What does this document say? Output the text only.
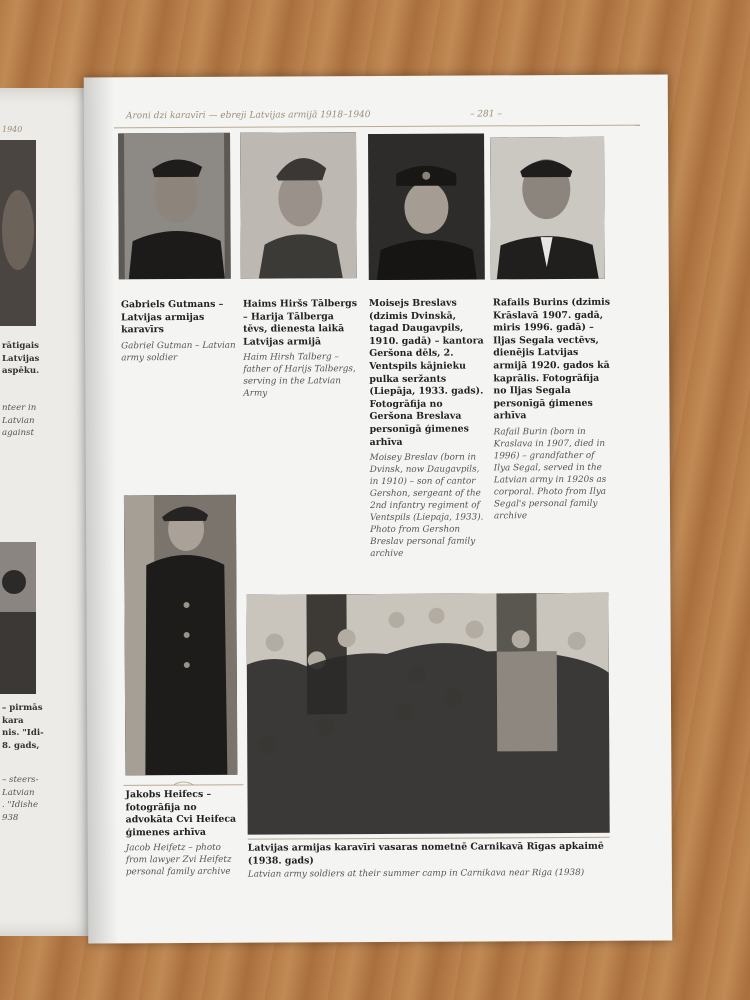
1940
rātigais
Latvijas
aspēku.
nteer in
Latvian
against
– pirmās
kara
nis. "Idi-
8. gads,
– steers-
Latvian
. "Idishe
938
Aroni dzi karavīri — ebreji Latvijas armijā 1918–1940	– 281 –
Gabriels Gutmans – Latvijas armijas karavīrs
Gabriel Gutman – Latvian army soldier
Haims Hiršs Tālbergs – Harija Tālberga tēvs, dienesta laikā Latvijas armijā
Haim Hirsh Talberg – father of Harijs Talbergs, serving in the Latvian Army
Moisejs Breslavs (dzimis Dvinskā, tagad Daugavpils, 1910. gadā) – kantora Geršona dēls, 2. Ventspils kājnieku pulka seržants (Liepāja, 1933. gads). Fotogrāfija no Geršona Breslava personīgā ģimenes arhīva
Moisey Breslav (born in Dvinsk, now Daugavpils, in 1910) – son of cantor Gershon, sergeant of the 2nd infantry regiment of Ventspils (Liepaja, 1933). Photo from Gershon Breslav personal family archive
Rafails Burins (dzimis Krāslavā 1907. gadā, miris 1996. gadā) – Iljas Segala vectēvs, dienējis Latvijas armijā 1920. gados kā kaprālis. Fotogrāfija no Iljas Segala personīgā ģimenes arhīva
Rafail Burin (born in Kraslava in 1907, died in 1996) – grandfather of Ilya Segal, served in the Latvian army in 1920s as corporal. Photo from Ilya Segal's personal family archive
Jakobs Heifecs – fotogrāfija no advokāta Cvi Heifeca ģimenes arhīva
Jacob Heifetz – photo from lawyer Zvi Heifetz personal family archive
Latvijas armijas karavīri vasaras nometnē Carnikavā Rīgas apkaimē (1938. gads)
Latvian army soldiers at their summer camp in Carnikava near Riga (1938)
